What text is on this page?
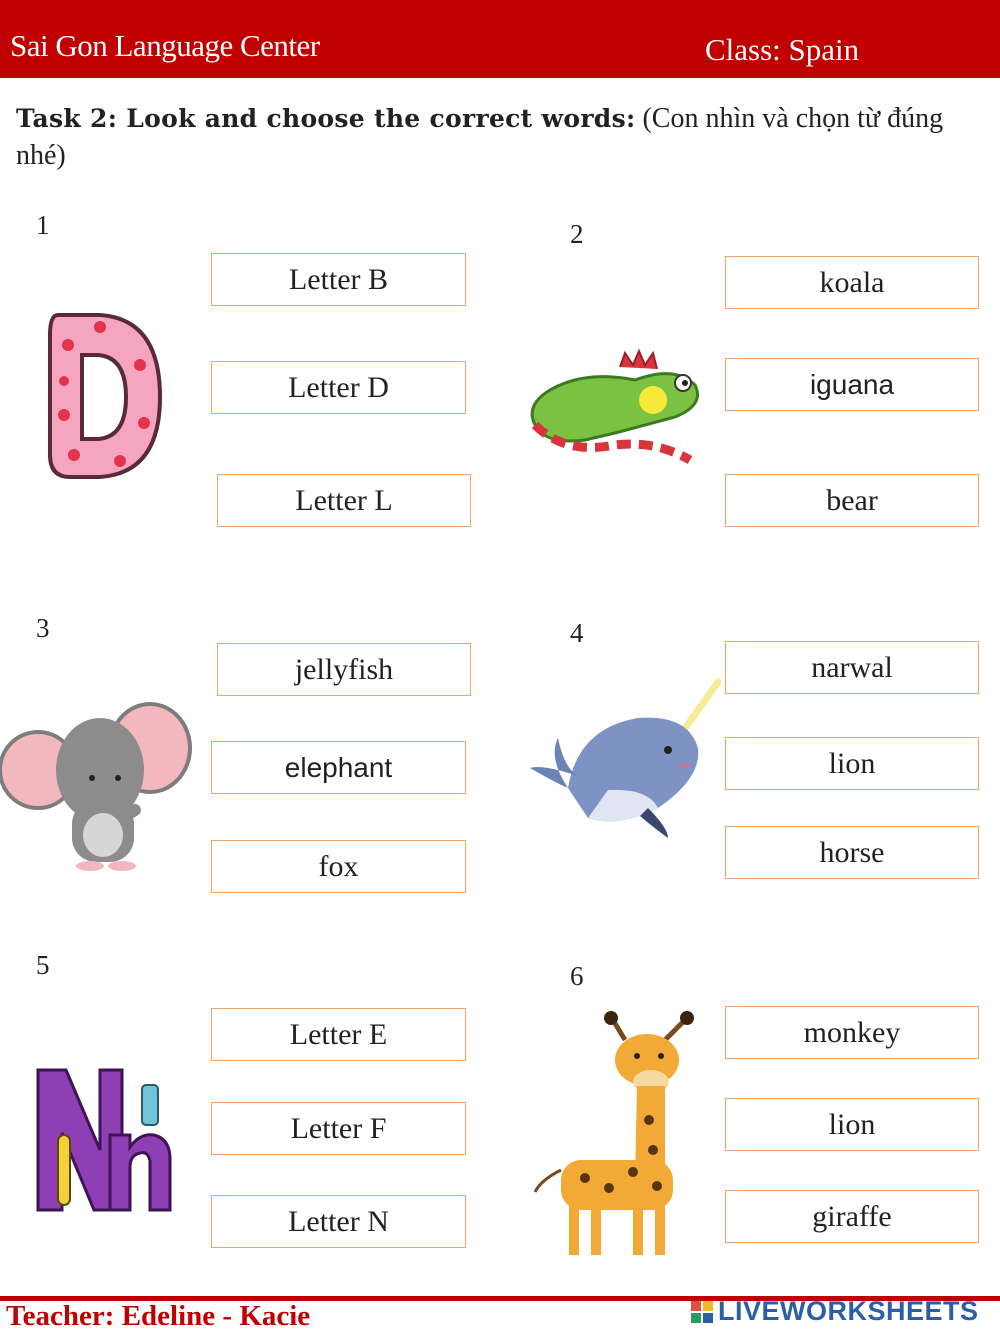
Sai Gon Language Center	Class: Spain
Task 2: Look and choose the correct words: (Con nhìn và chọn từ đúng nhé)
1
Letter B
Letter D
Letter L
2
koala
iguana
bear
3
jellyfish
elephant
fox
4
narwal
lion
horse
5
Letter E
Letter F
Letter N
6
monkey
lion
giraffe
Teacher: Edeline - Kacie	LIVEWORKSHEETS
